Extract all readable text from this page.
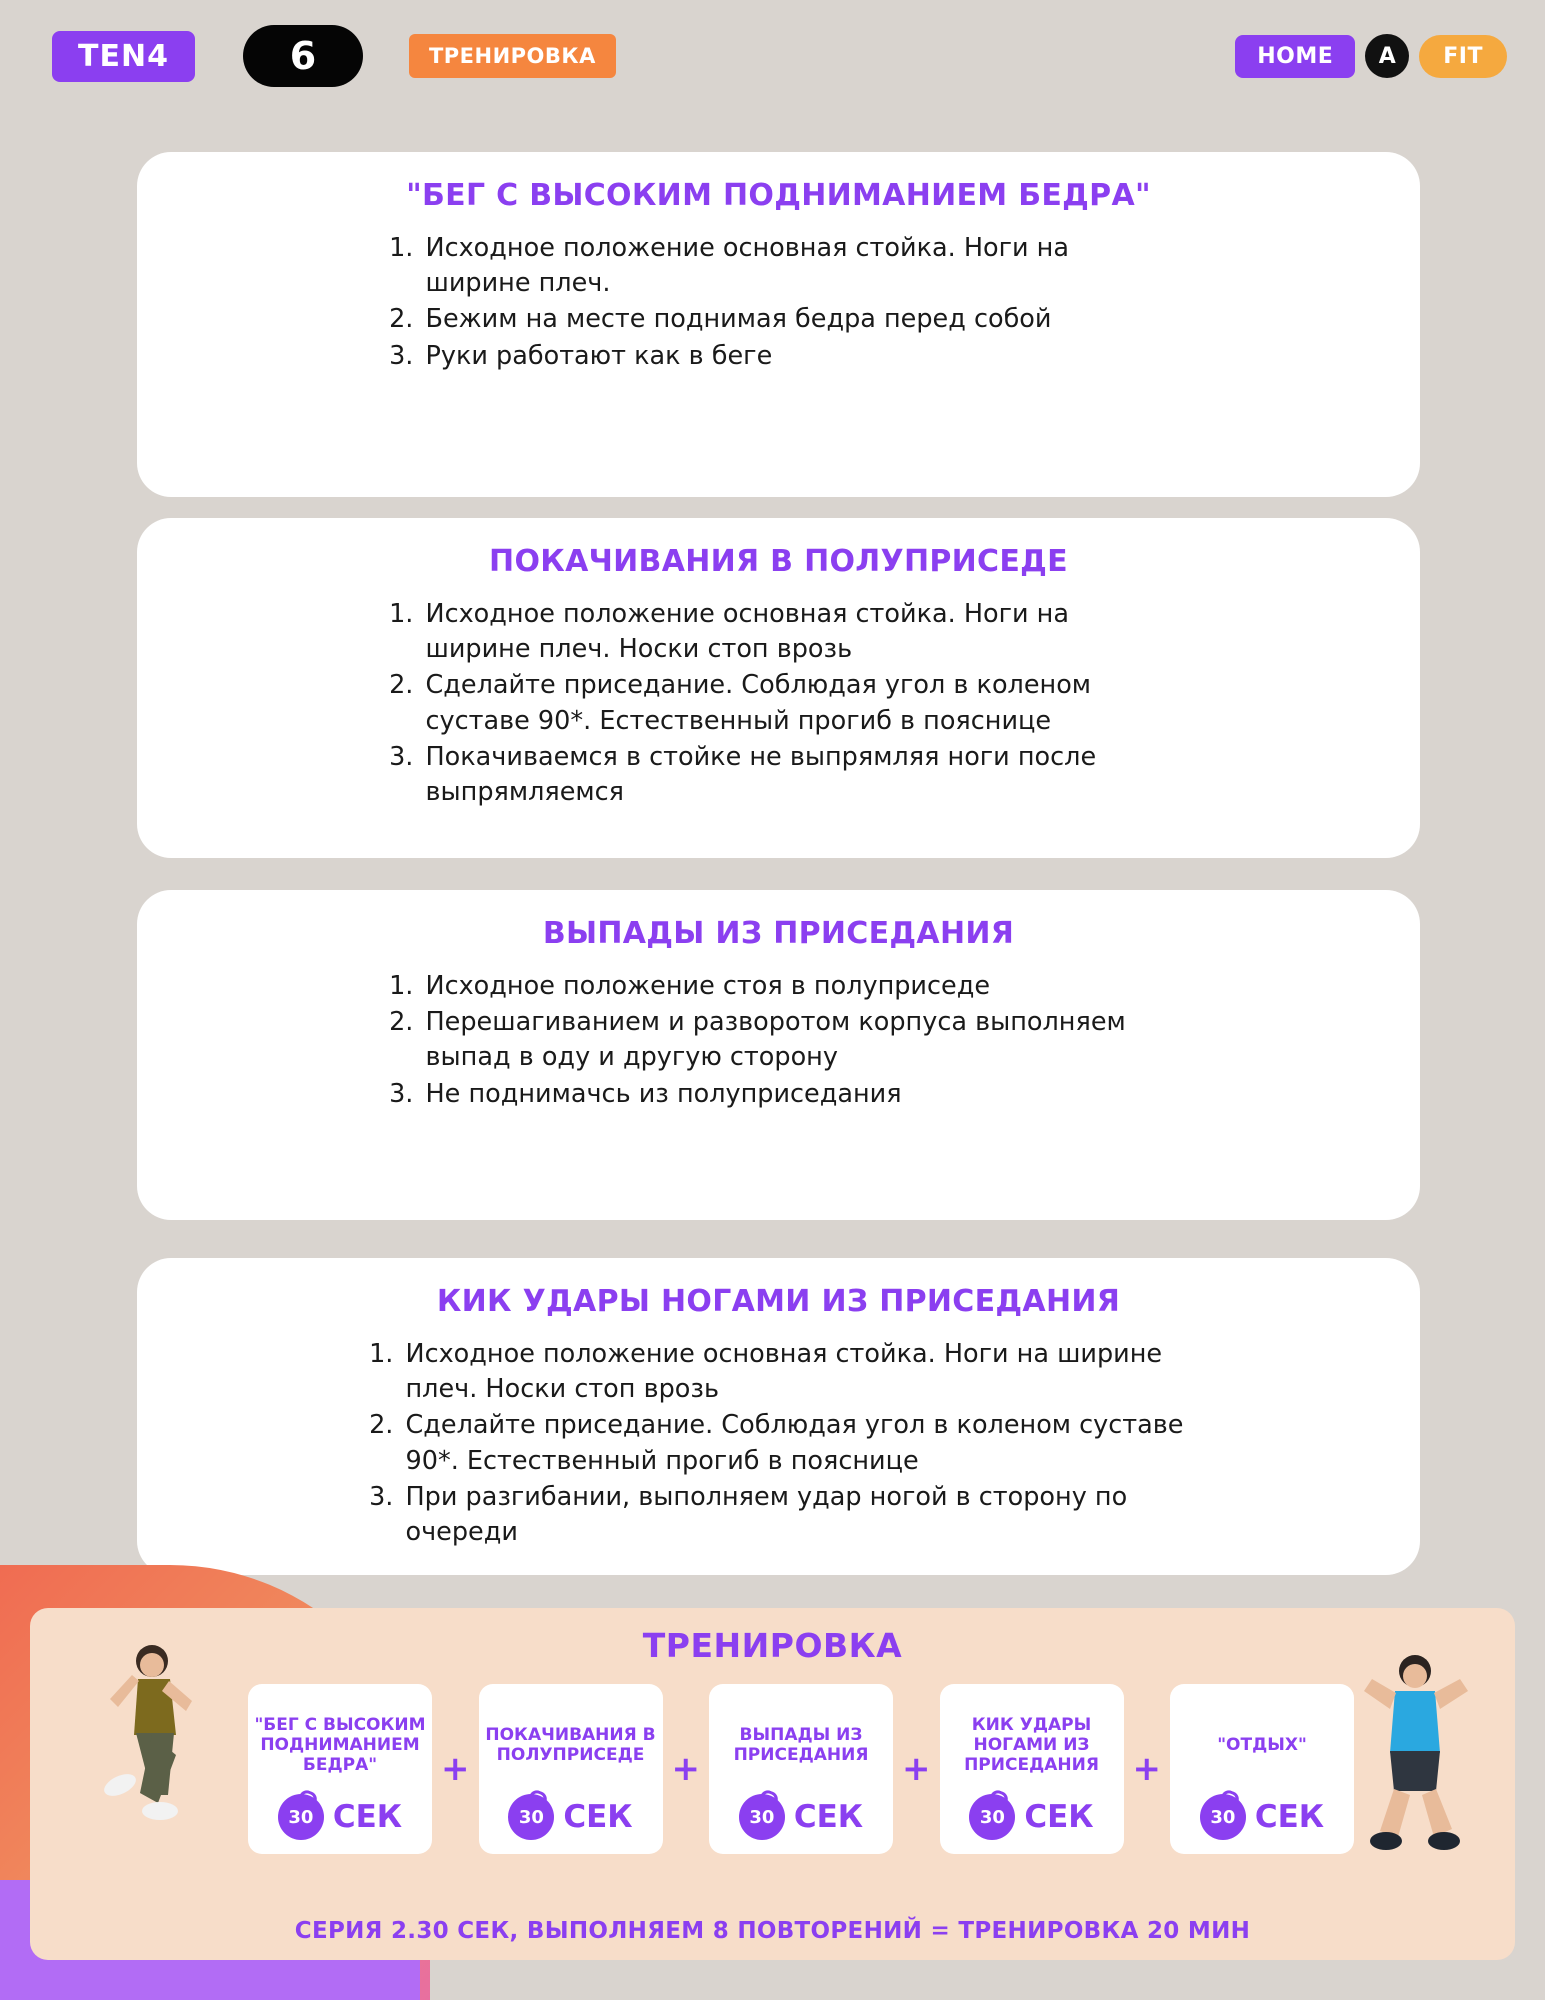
TEN4	6	ТРЕНИРОВКА	HOME	A	FIT
"БЕГ С ВЫСОКИМ ПОДНИМАНИЕМ БЕДРА"
1. Исходное положение основная стойка. Ноги на ширине плеч.
2. Бежим на месте поднимая бедра перед собой
3. Руки работают как в беге
ПОКАЧИВАНИЯ В ПОЛУПРИСЕДЕ
1. Исходное положение основная стойка. Ноги на ширине плеч. Носки стоп врозь
2. Сделайте приседание. Соблюдая угол в коленом суставе 90*. Естественный прогиб в пояснице
3. Покачиваемся в стойке не выпрямляя ноги после выпрямляемся
ВЫПАДЫ ИЗ ПРИСЕДАНИЯ
1. Исходное положение стоя в полуприседе
2. Перешагиванием и разворотом корпуса выполняем выпад в оду и другую сторону
3. Не поднимачсь из полуприседания
КИК УДАРЫ НОГАМИ ИЗ ПРИСЕДАНИЯ
1. Исходное положение основная стойка. Ноги на ширине плеч. Носки стоп врозь
2. Сделайте приседание. Соблюдая угол в коленом суставе 90*. Естественный прогиб в пояснице
3. При разгибании, выполняем удар ногой в сторону по очереди
ТРЕНИРОВКА
"БЕГ С ВЫСОКИМ ПОДНИМАНИЕМ БЕДРА"
30 СЕК
+
ПОКАЧИВАНИЯ В ПОЛУПРИСЕДЕ
30 СЕК
+
ВЫПАДЫ ИЗ ПРИСЕДАНИЯ
30 СЕК
+
КИК УДАРЫ НОГАМИ ИЗ ПРИСЕДАНИЯ
30 СЕК
+
"ОТДЫХ"
30 СЕК
СЕРИЯ 2.30 СЕК, ВЫПОЛНЯЕМ 8 ПОВТОРЕНИЙ = ТРЕНИРОВКА 20 МИН
